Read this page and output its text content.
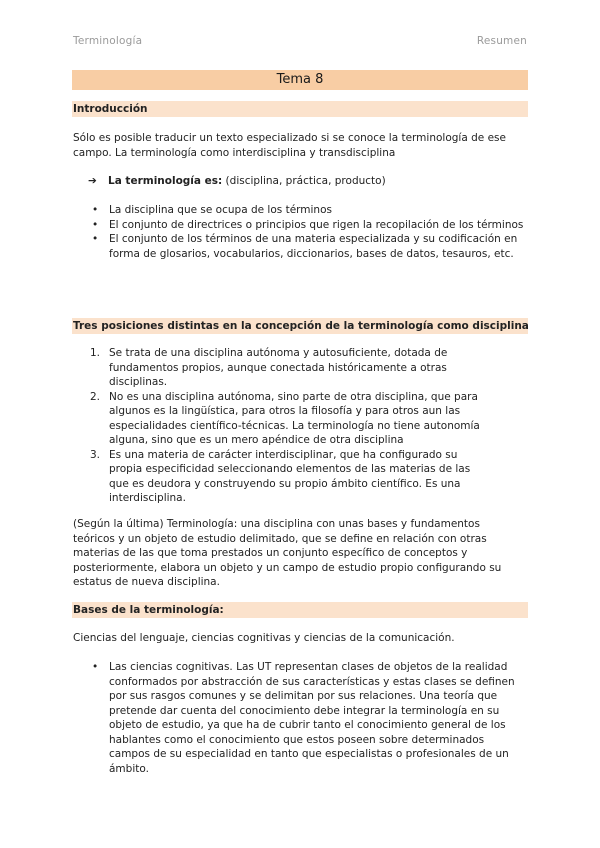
Terminología	Resumen
Tema 8
Introducción
Sólo es posible traducir un texto especializado si se conoce la terminología de ese campo. La terminología como interdisciplina y transdisciplina
➔ La terminología es: (disciplina, práctica, producto)
• La disciplina que se ocupa de los términos
• El conjunto de directrices o principios que rigen la recopilación de los términos
• El conjunto de los términos de una materia especializada y su codificación en forma de glosarios, vocabularios, diccionarios, bases de datos, tesauros, etc.
Tres posiciones distintas en la concepción de la terminología como disciplina
1. Se trata de una disciplina autónoma y autosuficiente, dotada de fundamentos propios, aunque conectada históricamente a otras disciplinas.
2. No es una disciplina autónoma, sino parte de otra disciplina, que para algunos es la lingüística, para otros la filosofía y para otros aun las especialidades científico-técnicas. La terminología no tiene autonomía alguna, sino que es un mero apéndice de otra disciplina
3. Es una materia de carácter interdisciplinar, que ha configurado su propia especificidad seleccionando elementos de las materias de las que es deudora y construyendo su propio ámbito científico. Es una interdisciplina.
(Según la última) Terminología: una disciplina con unas bases y fundamentos teóricos y un objeto de estudio delimitado, que se define en relación con otras materias de las que toma prestados un conjunto específico de conceptos y posteriormente, elabora un objeto y un campo de estudio propio configurando su estatus de nueva disciplina.
Bases de la terminología:
Ciencias del lenguaje, ciencias cognitivas y ciencias de la comunicación.
• Las ciencias cognitivas. Las UT representan clases de objetos de la realidad conformados por abstracción de sus características y estas clases se definen por sus rasgos comunes y se delimitan por sus relaciones. Una teoría que pretende dar cuenta del conocimiento debe integrar la terminología en su objeto de estudio, ya que ha de cubrir tanto el conocimiento general de los hablantes como el conocimiento que estos poseen sobre determinados campos de su especialidad en tanto que especialistas o profesionales de un ámbito.
